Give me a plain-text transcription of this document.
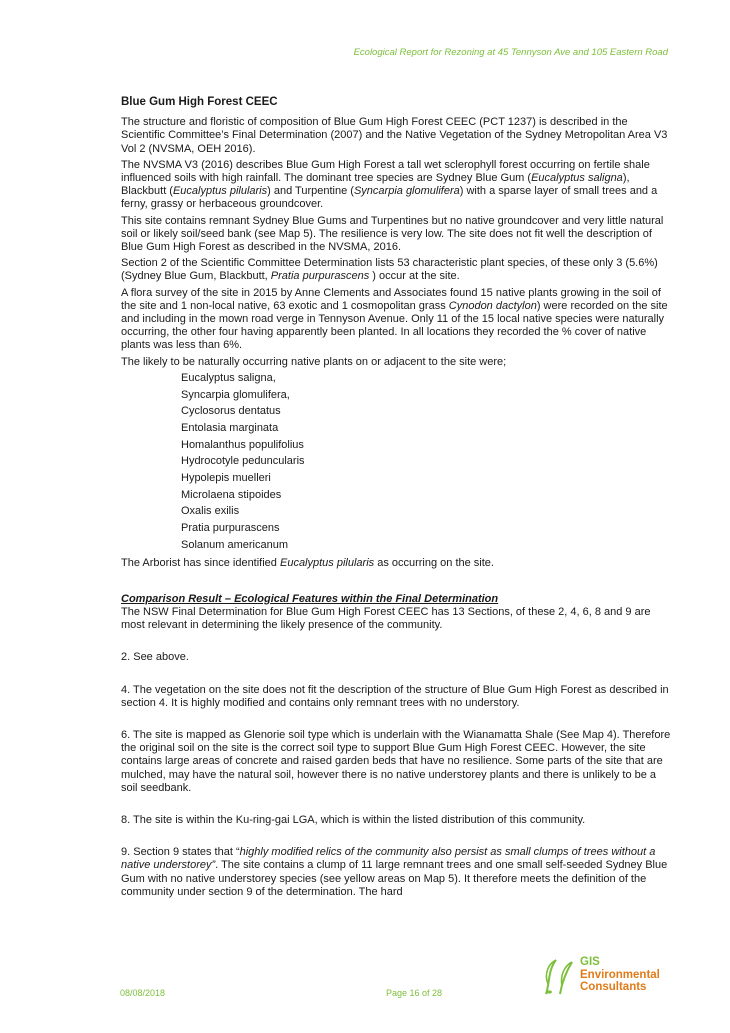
Ecological Report for Rezoning at 45 Tennyson Ave and 105 Eastern Road
Blue Gum High Forest CEEC

The structure and floristic of composition of Blue Gum High Forest CEEC (PCT 1237) is described in the Scientific Committee’s Final Determination (2007) and the Native Vegetation of the Sydney Metropolitan Area V3 Vol 2 (NVSMA, OEH 2016).

The NVSMA V3 (2016) describes Blue Gum High Forest a tall wet sclerophyll forest occurring on fertile shale influenced soils with high rainfall. The dominant tree species are Sydney Blue Gum (Eucalyptus saligna), Blackbutt (Eucalyptus pilularis) and Turpentine (Syncarpia glomulifera) with a sparse layer of small trees and a ferny, grassy or herbaceous groundcover.

This site contains remnant Sydney Blue Gums and Turpentines but no native groundcover and very little natural soil or likely soil/seed bank (see Map 5). The resilience is very low. The site does not fit well the description of Blue Gum High Forest as described in the NVSMA, 2016.

Section 2 of the Scientific Committee Determination lists 53 characteristic plant species, of these only 3 (5.6%)(Sydney Blue Gum, Blackbutt, Pratia purpurascens ) occur at the site.

A flora survey of the site in 2015 by Anne Clements and Associates found 15 native plants growing in the soil of the site and 1 non-local native, 63 exotic and 1 cosmopolitan grass Cynodon dactylon) were recorded on the site and including in the mown road verge in Tennyson Avenue. Only 11 of the 15 local native species were naturally occurring, the other four having apparently been planted. In all locations they recorded the % cover of native plants was less than 6%.

The likely to be naturally occurring native plants on or adjacent to the site were;

Eucalyptus saligna,
Syncarpia glomulifera,
Cyclosorus dentatus
Entolasia marginata
Homalanthus populifolius
Hydrocotyle peduncularis
Hypolepis muelleri
Microlaena stipoides
Oxalis exilis
Pratia purpurascens
Solanum americanum

The Arborist has since identified Eucalyptus pilularis as occurring on the site.

Comparison Result – Ecological Features within the Final Determination

The NSW Final Determination for Blue Gum High Forest CEEC has 13 Sections, of these 2, 4, 6, 8 and 9 are most relevant in determining the likely presence of the community.

2. See above.

4. The vegetation on the site does not fit the description of the structure of Blue Gum High Forest as described in section 4. It is highly modified and contains only remnant trees with no understory.

6. The site is mapped as Glenorie soil type which is underlain with the Wianamatta Shale (See Map 4). Therefore the original soil on the site is the correct soil type to support Blue Gum High Forest CEEC. However, the site contains large areas of concrete and raised garden beds that have no resilience. Some parts of the site that are mulched, may have the natural soil, however there is no native understorey plants and there is unlikely to be a soil seedbank.

8. The site is within the Ku-ring-gai LGA, which is within the listed distribution of this community.

9. Section 9 states that “highly modified relics of the community also persist as small clumps of trees without a native understorey”. The site contains a clump of 11 large remnant trees and one small self-seeded Sydney Blue Gum with no native understorey species (see yellow areas on Map 5). It therefore meets the definition of the community under section 9 of the determination. The hard

08/08/2018	Page 16 of 28
GIS
Environmental
Consultants
